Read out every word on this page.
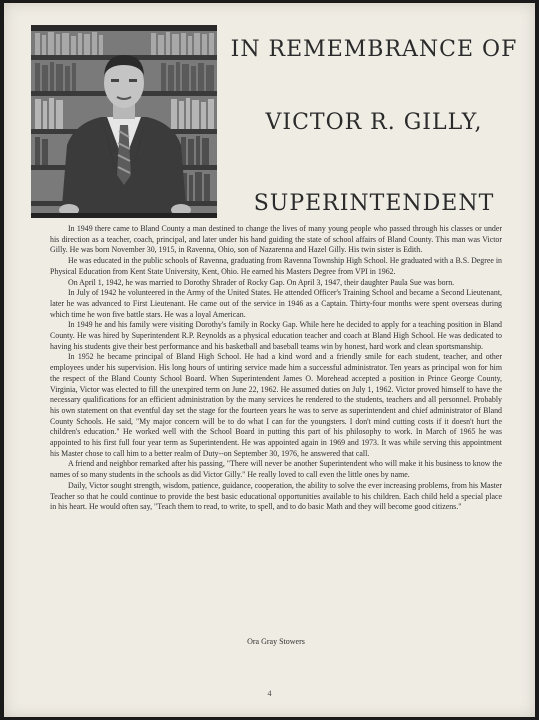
IN REMEMBRANCE OF
VICTOR R. GILLY,
SUPERINTENDENT

In 1949 there came to Bland County a man destined to change the lives of many young people who passed through his classes or under his direction as a teacher, coach, principal, and later under his hand guiding the state of school affairs of Bland County. This man was Victor Gilly. He was born November 30, 1915, in Ravenna, Ohio, son of Nazarenna and Hazel Gilly. His twin sister is Edith.

He was educated in the public schools of Ravenna, graduating from Ravenna Township High School. He graduated with a B.S. Degree in Physical Education from Kent State University, Kent, Ohio. He earned his Masters Degree from VPI in 1962.

On April 1, 1942, he was married to Dorothy Shrader of Rocky Gap. On April 3, 1947, their daughter Paula Sue was born.

In July of 1942 he volunteered in the Army of the United States. He attended Officer's Training School and became a Second Lieutenant, later he was advanced to First Lieutenant. He came out of the service in 1946 as a Captain. Thirty-four months were spent overseas during which time he won five battle stars. He was a loyal American.

In 1949 he and his family were visiting Dorothy's family in Rocky Gap. While here he decided to apply for a teaching position in Bland County. He was hired by Superintendent R.P. Reynolds as a physical education teacher and coach at Bland High School. He was dedicated to having his students give their best performance and his basketball and baseball teams win by honest, hard work and clean sportsmanship.

In 1952 he became principal of Bland High School. He had a kind word and a friendly smile for each student, teacher, and other employees under his supervision. His long hours of untiring service made him a successful administrator. Ten years as principal won for him the respect of the Bland County School Board. When Superintendent James O. Morehead accepted a position in Prince George County, Virginia, Victor was elected to fill the unexpired term on June 22, 1962. He assumed duties on July 1, 1962. Victor proved himself to have the necessary qualifications for an efficient administration by the many services he rendered to the students, teachers and all personnel. Probably his own statement on that eventful day set the stage for the fourteen years he was to serve as superintendent and chief administrator of Bland County Schools. He said, "My major concern will be to do what I can for the youngsters. I don't mind cutting costs if it doesn't hurt the children's education." He worked well with the School Board in putting this part of his philosophy to work. In March of 1965 he was appointed to his first full four year term as Superintendent. He was appointed again in 1969 and 1973. It was while serving this appointment his Master chose to call him to a better realm of Duty--on September 30, 1976, he answered that call.

A friend and neighbor remarked after his passing, "There will never be another Superintendent who will make it his business to know the names of so many students in the schools as did Victor Gilly." He really loved to call even the little ones by name.

Daily, Victor sought strength, wisdom, patience, guidance, cooperation, the ability to solve the ever increasing problems, from his Master Teacher so that he could continue to provide the best basic educational opportunities available to his children. Each child held a special place in his heart. He would often say, "Teach them to read, to write, to spell, and to do basic Math and they will become good citizens."

Ora Gray Stowers
4
